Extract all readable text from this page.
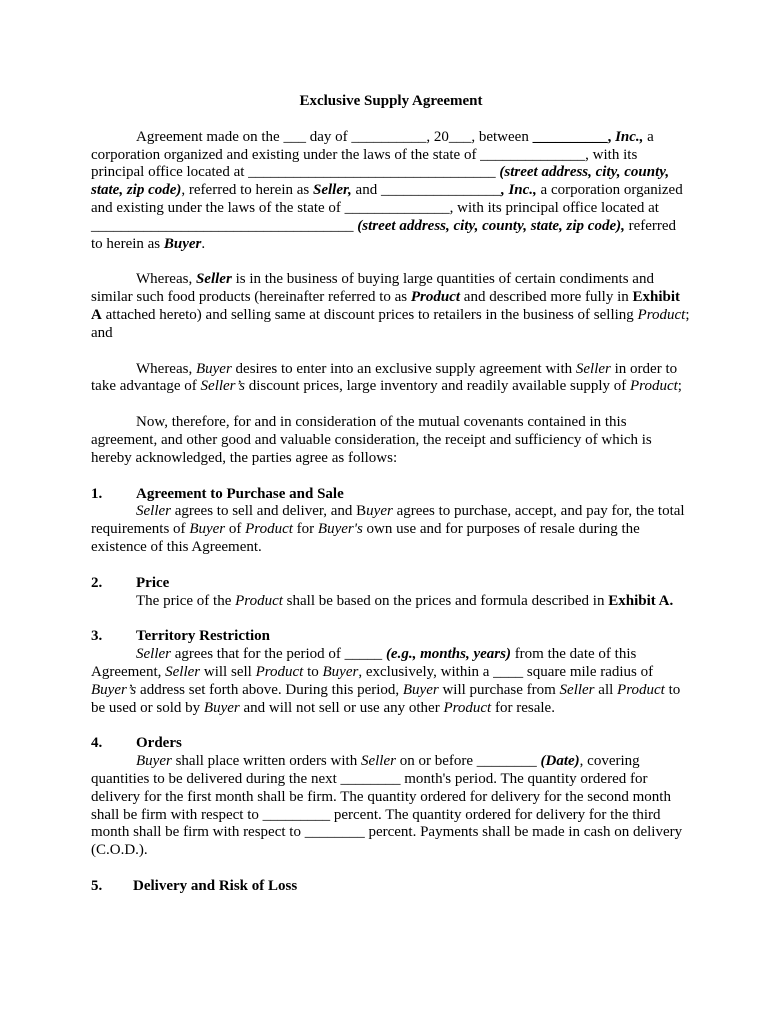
Exclusive Supply Agreement

Agreement made on the ___ day of __________, 20___, between __________, Inc., a corporation organized and existing under the laws of the state of ______________, with its principal office located at _________________________________ (street address, city, county, state, zip code), referred to herein as Seller, and ________________, Inc., a corporation organized and existing under the laws of the state of ______________, with its principal office located at ___________________________________ (street address, city, county, state, zip code), referred to herein as Buyer.

Whereas, Seller is in the business of buying large quantities of certain condiments and similar such food products (hereinafter referred to as Product and described more fully in Exhibit A attached hereto) and selling same at discount prices to retailers in the business of selling Product; and

Whereas, Buyer desires to enter into an exclusive supply agreement with Seller in order to take advantage of Seller’s discount prices, large inventory and readily available supply of Product;

Now, therefore, for and in consideration of the mutual covenants contained in this agreement, and other good and valuable consideration, the receipt and sufficiency of which is hereby acknowledged, the parties agree as follows:

1. Agreement to Purchase and Sale
Seller agrees to sell and deliver, and Buyer agrees to purchase, accept, and pay for, the total requirements of Buyer of Product for Buyer's own use and for purposes of resale during the existence of this Agreement.
2. Price
The price of the Product shall be based on the prices and formula described in Exhibit A.
3. Territory Restriction
Seller agrees that for the period of _____ (e.g., months, years) from the date of this Agreement, Seller will sell Product to Buyer, exclusively, within a ____ square mile radius of Buyer’s address set forth above. During this period, Buyer will purchase from Seller all Product to be used or sold by Buyer and will not sell or use any other Product for resale.
4. Orders
Buyer shall place written orders with Seller on or before ________ (Date), covering quantities to be delivered during the next ________ month's period. The quantity ordered for delivery for the first month shall be firm. The quantity ordered for delivery for the second month shall be firm with respect to _________ percent. The quantity ordered for delivery for the third month shall be firm with respect to ________ percent. Payments shall be made in cash on delivery (C.O.D.).
5. Delivery and Risk of Loss
